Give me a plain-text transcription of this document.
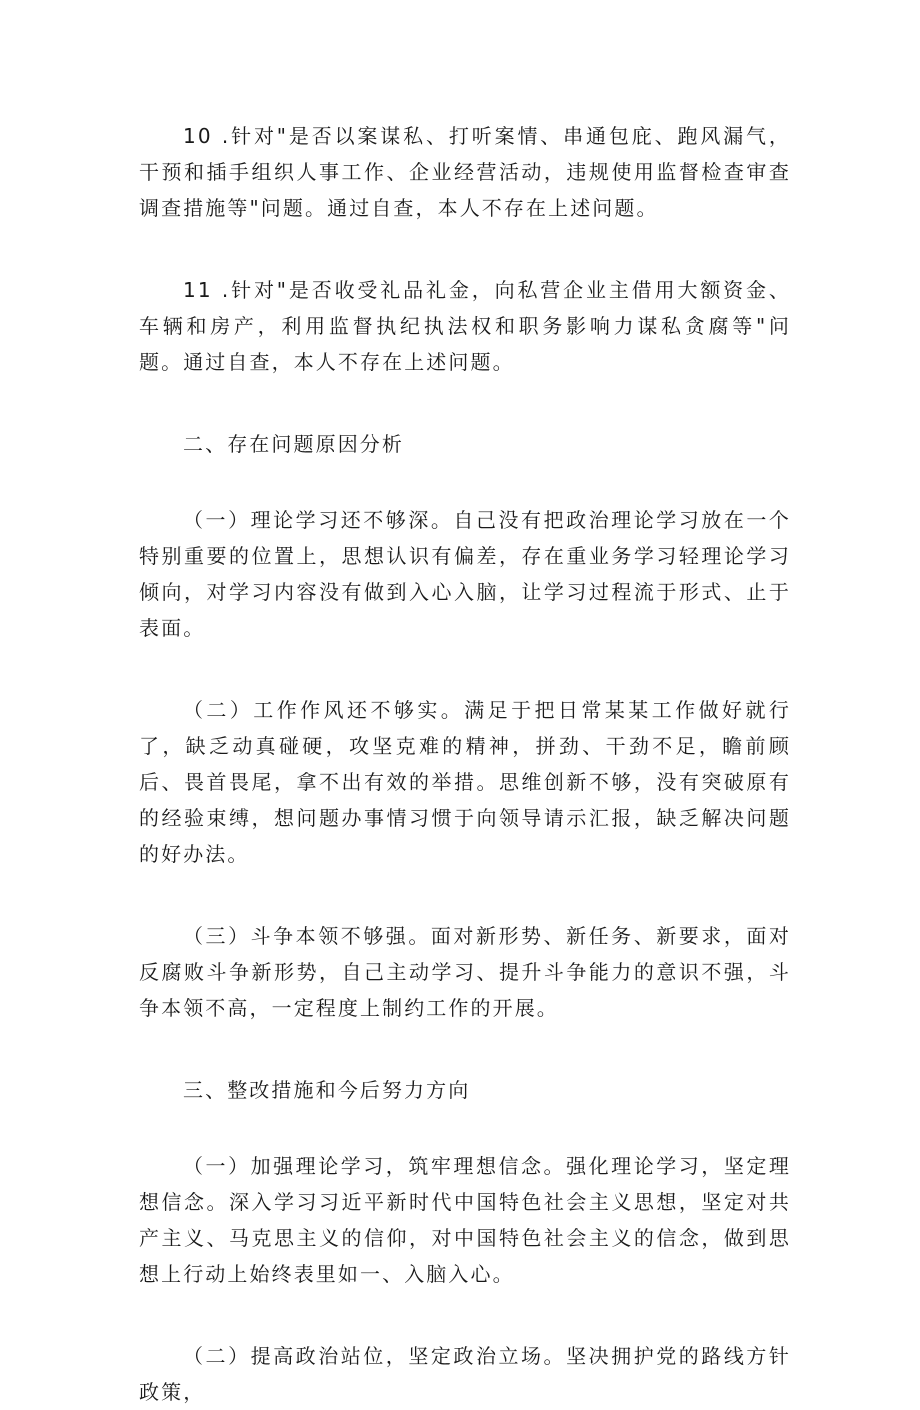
10 .针对"是否以案谋私、打听案情、串通包庇、跑风漏气，干预和插手组织人事工作、企业经营活动，违规使用监督检查审查调查措施等"问题。通过自查，本人不存在上述问题。

11 .针对"是否收受礼品礼金，向私营企业主借用大额资金、车辆和房产，利用监督执纪执法权和职务影响力谋私贪腐等"问题。通过自查，本人不存在上述问题。

二、存在问题原因分析

（一）理论学习还不够深。自己没有把政治理论学习放在一个特别重要的位置上，思想认识有偏差，存在重业务学习轻理论学习倾向，对学习内容没有做到入心入脑，让学习过程流于形式、止于表面。

（二）工作作风还不够实。满足于把日常某某工作做好就行了，缺乏动真碰硬，攻坚克难的精神，拼劲、干劲不足，瞻前顾后、畏首畏尾，拿不出有效的举措。思维创新不够，没有突破原有的经验束缚，想问题办事情习惯于向领导请示汇报，缺乏解决问题的好办法。

（三）斗争本领不够强。面对新形势、新任务、新要求，面对反腐败斗争新形势，自己主动学习、提升斗争能力的意识不强，斗争本领不高，一定程度上制约工作的开展。

三、整改措施和今后努力方向

（一）加强理论学习，筑牢理想信念。强化理论学习，坚定理想信念。深入学习习近平新时代中国特色社会主义思想，坚定对共产主义、马克思主义的信仰，对中国特色社会主义的信念，做到思想上行动上始终表里如一、入脑入心。

（二）提高政治站位，坚定政治立场。坚决拥护党的路线方针政策，
